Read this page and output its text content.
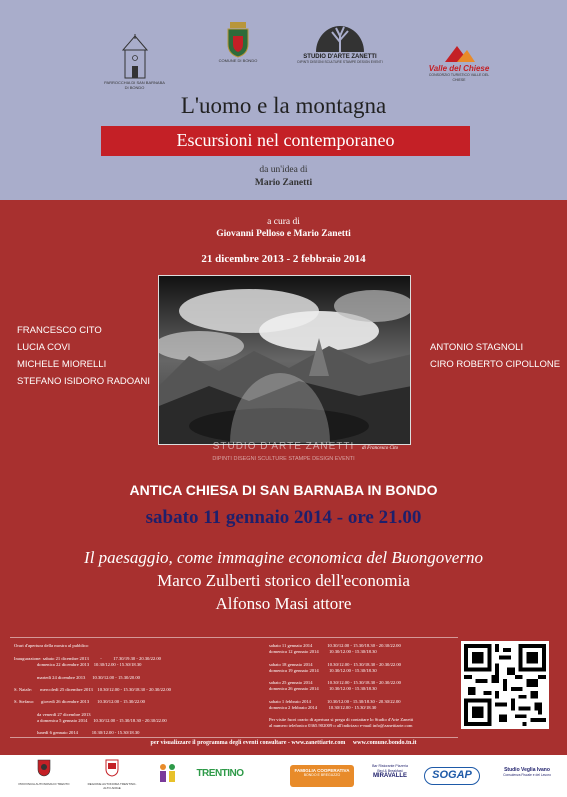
PARROCCHIA DI SAN BARNABA DI BONDO
COMUNE DI BONDO
STUDIO D'ARTE ZANETTI
DIPINTI DISEGNI SCULTURE STAMPE DESIGN EVENTI
Valle del Chiese
CONSORZIO TURISTICO VALLE DEL CHIESE
L'uomo e la montagna
Escursioni nel contemporaneo
da un'idea di
Mario Zanetti
a cura di
Giovanni Pelloso e Mario Zanetti
21 dicembre 2013 - 2 febbraio 2014
di Francesco Cito
STUDIO D'ARTE ZANETTI
DIPINTI DISEGNI SCULTURE STAMPE DESIGN EVENTI
FRANCESCO CITO
LUCIA COVI
MICHELE MIORELLI
STEFANO ISIDORO RADOANI
ANTONIO STAGNOLI
CIRO ROBERTO CIPOLLONE
ANTICA CHIESA DI SAN BARNABA IN BONDO
sabato 11 gennaio 2014 - ore 21.00
Il paesaggio, come immagine economica del Buongoverno
Marco Zulberti storico dell'economia
Alfonso Masi attore
Orari d'apertura della mostra al pubblico
Inaugurazione: sabato 21 dicembre 2013          -          17.30/19.30 - 20.30/22.00
domenica 22 dicembre 2013    10.30/12.00 - 15.30/18.30

martedì 24 dicembre 2013      10.30/12.00 - 15.30/20.00

S. Natale:       mercoledì 25 dicembre 2013    10.30/12.00 - 15.30/18.30 - 20.30/22.00

S. Stefano:      giovedì 26 dicembre 2013       10.30/12.00 - 15.30/22.00

da venerdì 27 dicembre 2013
a domenica 5 gennaio 2014     10.30/12.00 - 15.30/18.30 - 20.30/22.00

lunedì 6 gennaio 2014            10.30/12.00 - 15.30/18.30
sabato 11 gennaio 2014             10.30/12.00 - 15.30/18.30 - 20.30/22.00
domenica 12 gennaio 2014         10.30/12.00 - 15.30/18.30

sabato 18 gennaio 2014             10.30/12.00 - 15.30/18.30 - 20.30/22.00
domenica 19 gennaio 2014         10.30/12.00 - 15.30/18.30

sabato 25 gennaio 2014             10.30/12.00 - 15.30/18.30 - 20.30/22.00
domenica 26 gennaio 2014         10.30/12.00 - 15.30/18.30

sabato 1 febbraio 2014              10.30/12.00 - 15.30/18.30 - 20.30/22.00
domenica 2 febbraio 2014          10.30/12.00 - 15.30/18.30
Per visite fuori orario di apertura si prega di contattare lo Studio d'Arte Zanetti
al numero telefonico 0365.902009 o all'indirizzo e-mail info@zanettiarte.com
per visualizzare il programma degli eventi consultare - www.zanettiarte.com     www.comune.bondo.tn.it
PROVINCIA AUTONOMA DI TRENTO	REGIONE AUTONOMA TRENTINO-ALTO ADIGE
TRENTINO	FAMIGLIA COOPERATIVA
BONDO E BREGUZZO
Bar Ristorante Pizzeria
Bed & Breakfast
MIRAVALLE	SOGAP	Studio Veglia Ivano
Consulenza Fiscale e del Lavoro
